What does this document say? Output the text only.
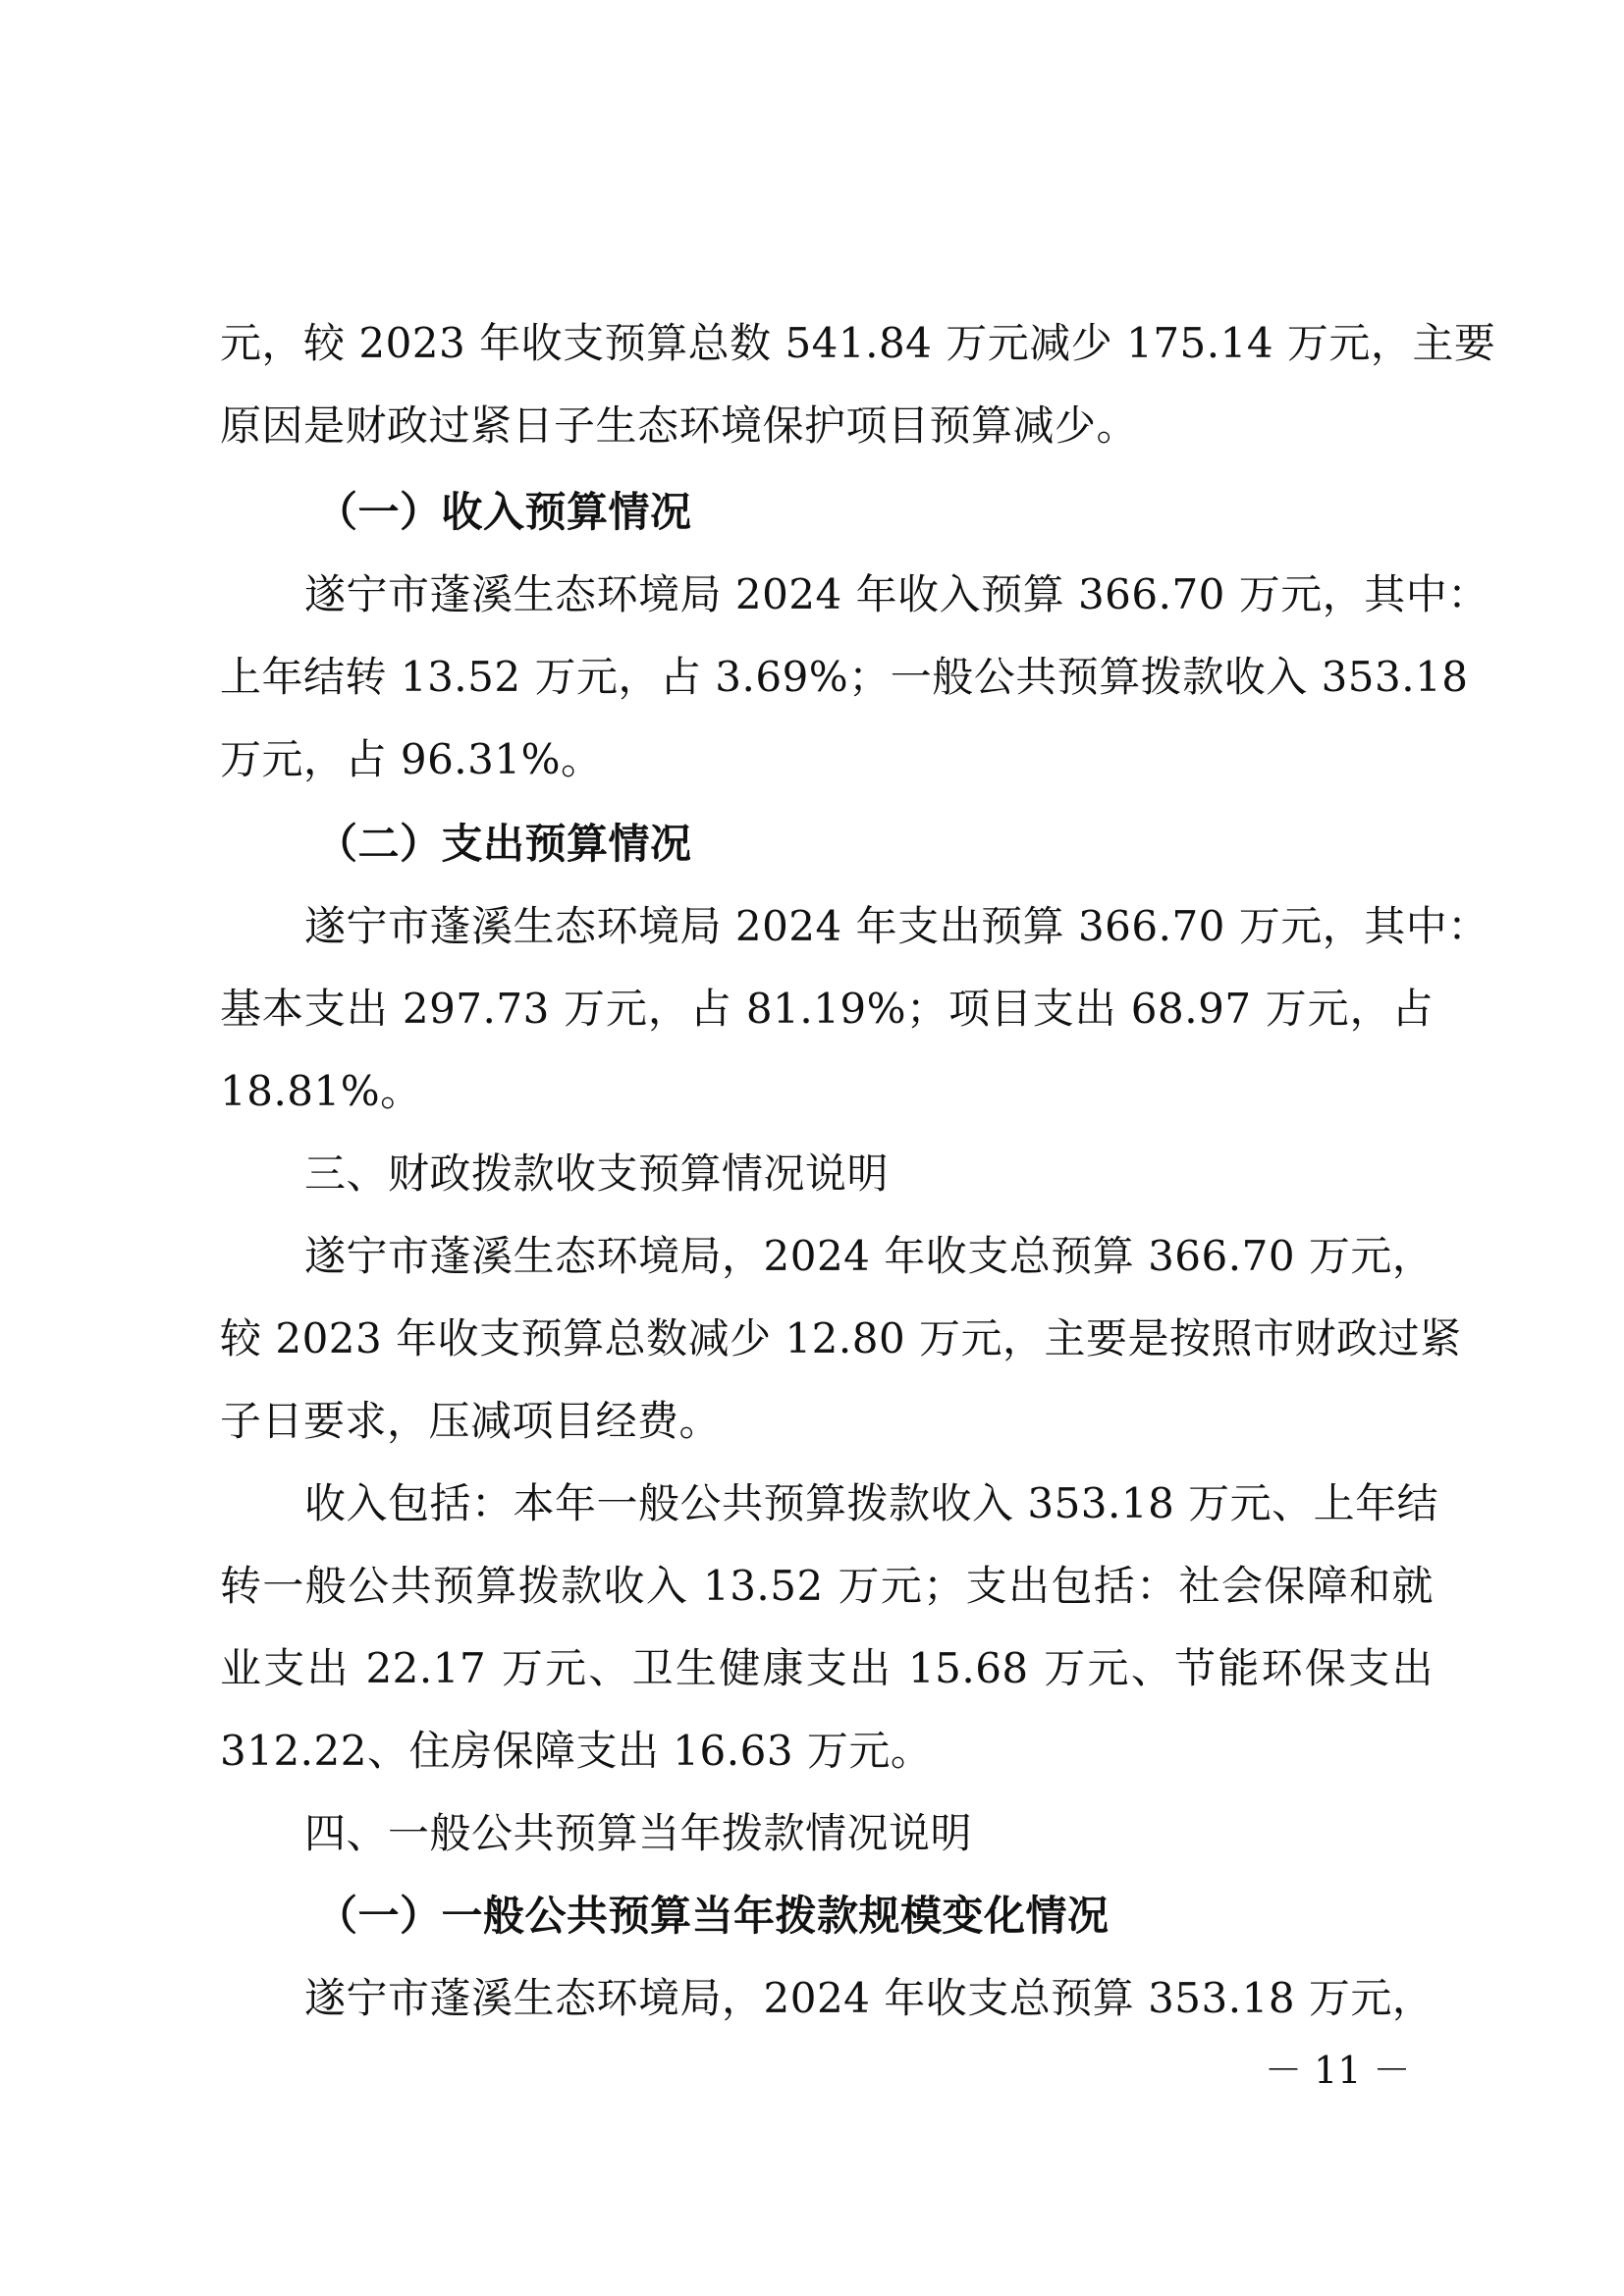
元，较 2023 年收支预算总数 541.84 万元减少 175.14 万元，主要
原因是财政过紧日子生态环境保护项目预算减少。
（一）收入预算情况
遂宁市蓬溪生态环境局 2024 年收入预算 366.70 万元，其中：
上年结转 13.52 万元，占 3.69%；一般公共预算拨款收入 353.18
万元，占 96.31%。
（二）支出预算情况
遂宁市蓬溪生态环境局 2024 年支出预算 366.70 万元，其中：
基本支出 297.73 万元，占 81.19%；项目支出 68.97 万元，占
18.81%。
三、财政拨款收支预算情况说明
遂宁市蓬溪生态环境局，2024 年收支总预算 366.70 万元，
较 2023 年收支预算总数减少 12.80 万元，主要是按照市财政过紧
子日要求，压减项目经费。
收入包括：本年一般公共预算拨款收入 353.18 万元、上年结
转一般公共预算拨款收入 13.52 万元；支出包括：社会保障和就
业支出 22.17 万元、卫生健康支出 15.68 万元、节能环保支出
312.22、住房保障支出 16.63 万元。
四、一般公共预算当年拨款情况说明
（一）一般公共预算当年拨款规模变化情况
遂宁市蓬溪生态环境局，2024 年收支总预算 353.18 万元，
－ 11 －
